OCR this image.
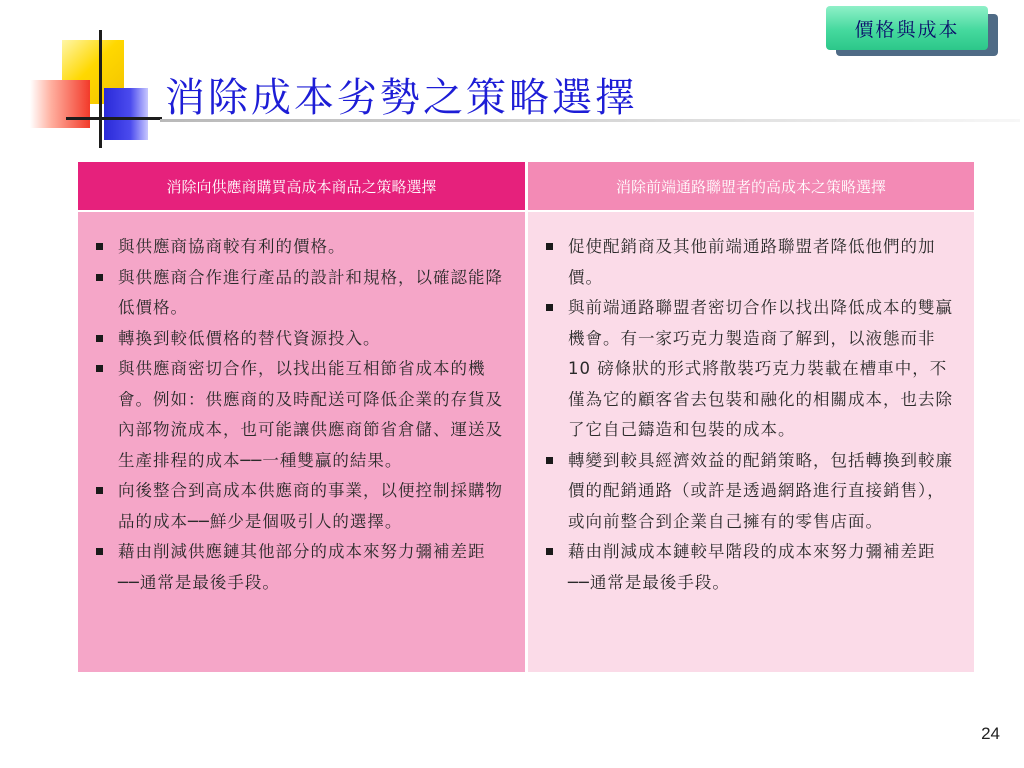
消除成本劣勢之策略選擇
價格與成本
消除向供應商購買高成本商品之策略選擇
與供應商協商較有利的價格。
與供應商合作進行產品的設計和規格，以確認能降低價格。
轉換到較低價格的替代資源投入。
與供應商密切合作，以找出能互相節省成本的機會。例如：供應商的及時配送可降低企業的存貨及內部物流成本，也可能讓供應商節省倉儲、運送及生產排程的成本──一種雙贏的結果。
向後整合到高成本供應商的事業，以便控制採購物品的成本──鮮少是個吸引人的選擇。
藉由削減供應鏈其他部分的成本來努力彌補差距──通常是最後手段。
消除前端通路聯盟者的高成本之策略選擇
促使配銷商及其他前端通路聯盟者降低他們的加價。
與前端通路聯盟者密切合作以找出降低成本的雙贏機會。有一家巧克力製造商了解到，以液態而非 10 磅條狀的形式將散裝巧克力裝載在槽車中，不僅為它的顧客省去包裝和融化的相關成本，也去除了它自己鑄造和包裝的成本。
轉變到較具經濟效益的配銷策略，包括轉換到較廉價的配銷通路（或許是透過網路進行直接銷售），或向前整合到企業自己擁有的零售店面。
藉由削減成本鏈較早階段的成本來努力彌補差距──通常是最後手段。
24
